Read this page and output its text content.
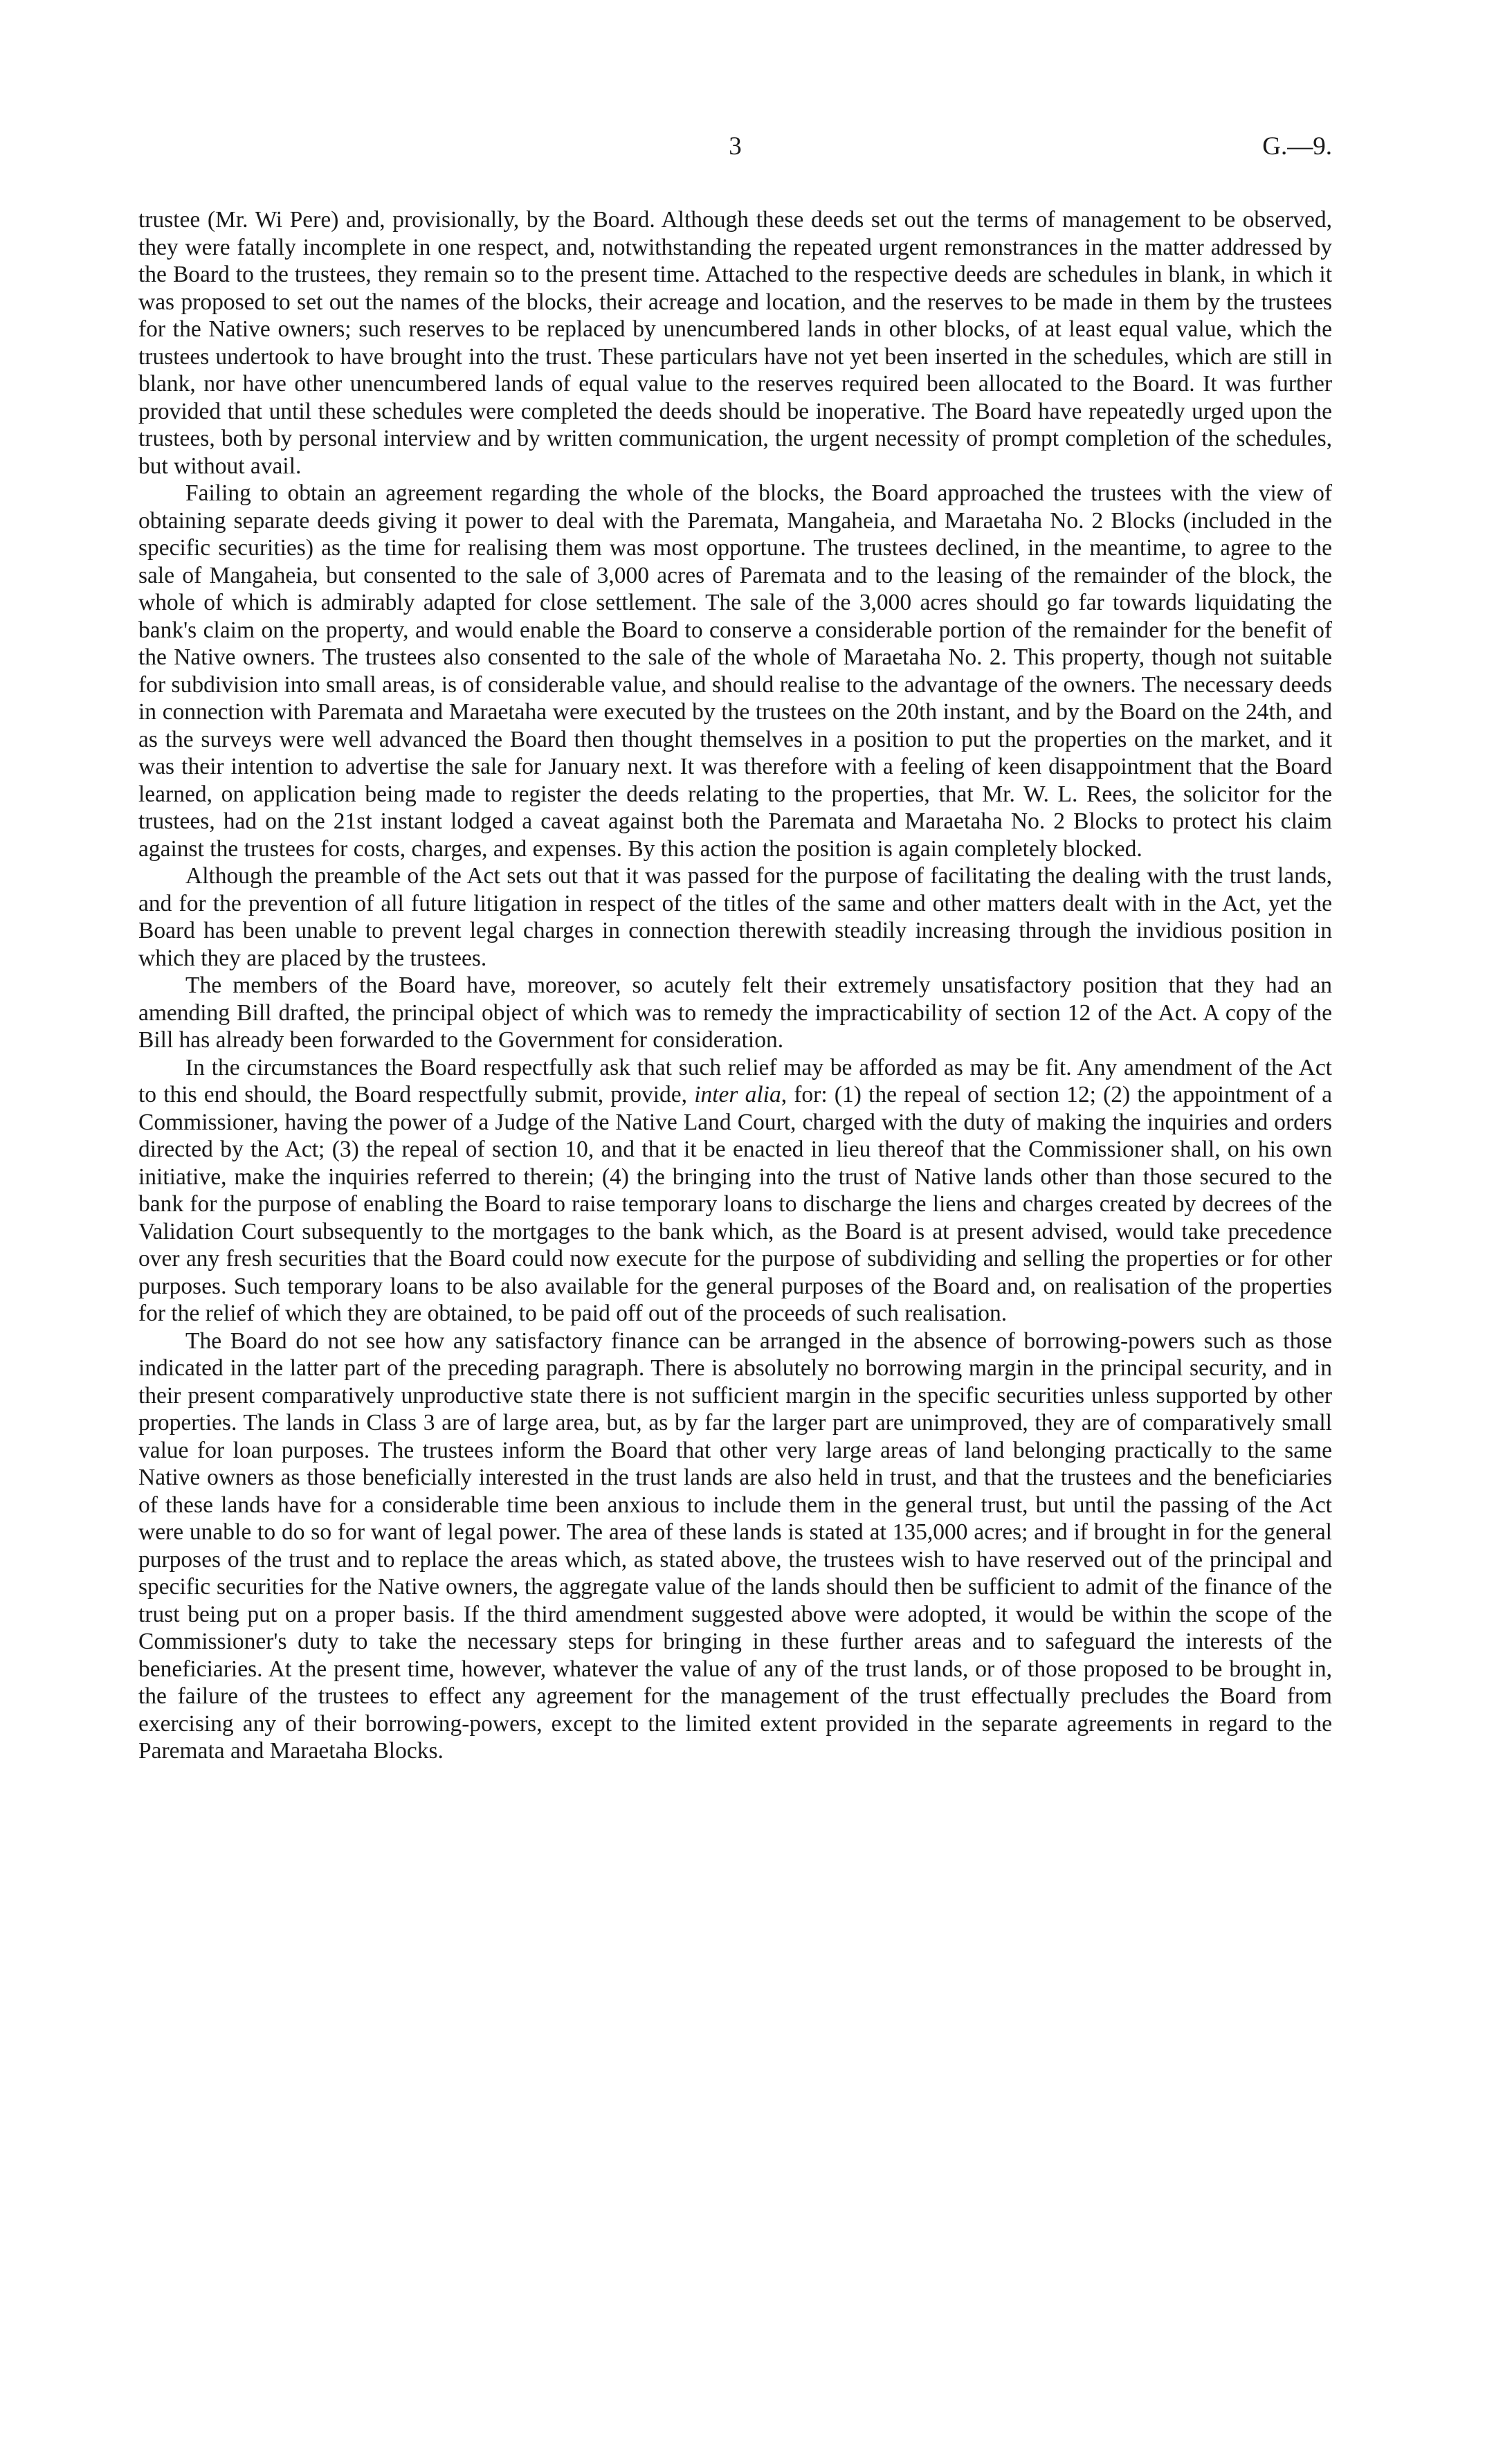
3	G.—9.

trustee (Mr. Wi Pere) and, provisionally, by the Board. Although these deeds set out the terms of management to be observed, they were fatally incomplete in one respect, and, notwithstanding the repeated urgent remonstrances in the matter addressed by the Board to the trustees, they remain so to the present time. Attached to the respective deeds are schedules in blank, in which it was proposed to set out the names of the blocks, their acreage and location, and the reserves to be made in them by the trustees for the Native owners; such reserves to be replaced by unencumbered lands in other blocks, of at least equal value, which the trustees undertook to have brought into the trust. These particulars have not yet been inserted in the schedules, which are still in blank, nor have other unencumbered lands of equal value to the reserves required been allocated to the Board. It was further provided that until these schedules were completed the deeds should be inoperative. The Board have repeatedly urged upon the trustees, both by personal interview and by written communication, the urgent necessity of prompt completion of the schedules, but without avail.

Failing to obtain an agreement regarding the whole of the blocks, the Board approached the trustees with the view of obtaining separate deeds giving it power to deal with the Paremata, Mangaheia, and Maraetaha No. 2 Blocks (included in the specific securities) as the time for realising them was most opportune. The trustees declined, in the meantime, to agree to the sale of Mangaheia, but consented to the sale of 3,000 acres of Paremata and to the leasing of the remainder of the block, the whole of which is admirably adapted for close settlement. The sale of the 3,000 acres should go far towards liquidating the bank's claim on the property, and would enable the Board to conserve a considerable portion of the remainder for the benefit of the Native owners. The trustees also consented to the sale of the whole of Maraetaha No. 2. This property, though not suitable for subdivision into small areas, is of considerable value, and should realise to the advantage of the owners. The necessary deeds in connection with Paremata and Maraetaha were executed by the trustees on the 20th instant, and by the Board on the 24th, and as the surveys were well advanced the Board then thought themselves in a position to put the properties on the market, and it was their intention to advertise the sale for January next. It was therefore with a feeling of keen disappointment that the Board learned, on application being made to register the deeds relating to the properties, that Mr. W. L. Rees, the solicitor for the trustees, had on the 21st instant lodged a caveat against both the Paremata and Maraetaha No. 2 Blocks to protect his claim against the trustees for costs, charges, and expenses. By this action the position is again completely blocked.

Although the preamble of the Act sets out that it was passed for the purpose of facilitating the dealing with the trust lands, and for the prevention of all future litigation in respect of the titles of the same and other matters dealt with in the Act, yet the Board has been unable to prevent legal charges in connection therewith steadily increasing through the invidious position in which they are placed by the trustees.

The members of the Board have, moreover, so acutely felt their extremely unsatisfactory position that they had an amending Bill drafted, the principal object of which was to remedy the impracticability of section 12 of the Act. A copy of the Bill has already been forwarded to the Government for consideration.

In the circumstances the Board respectfully ask that such relief may be afforded as may be fit. Any amendment of the Act to this end should, the Board respectfully submit, provide, inter alia, for: (1) the repeal of section 12; (2) the appointment of a Commissioner, having the power of a Judge of the Native Land Court, charged with the duty of making the inquiries and orders directed by the Act; (3) the repeal of section 10, and that it be enacted in lieu thereof that the Commissioner shall, on his own initiative, make the inquiries referred to therein; (4) the bringing into the trust of Native lands other than those secured to the bank for the purpose of enabling the Board to raise temporary loans to discharge the liens and charges created by decrees of the Validation Court subsequently to the mortgages to the bank which, as the Board is at present advised, would take precedence over any fresh securities that the Board could now execute for the purpose of subdividing and selling the properties or for other purposes. Such temporary loans to be also available for the general purposes of the Board and, on realisation of the properties for the relief of which they are obtained, to be paid off out of the proceeds of such realisation.

The Board do not see how any satisfactory finance can be arranged in the absence of borrowing-powers such as those indicated in the latter part of the preceding paragraph. There is absolutely no borrowing margin in the principal security, and in their present comparatively unproductive state there is not sufficient margin in the specific securities unless supported by other properties. The lands in Class 3 are of large area, but, as by far the larger part are unimproved, they are of comparatively small value for loan purposes. The trustees inform the Board that other very large areas of land belonging practically to the same Native owners as those beneficially interested in the trust lands are also held in trust, and that the trustees and the beneficiaries of these lands have for a considerable time been anxious to include them in the general trust, but until the passing of the Act were unable to do so for want of legal power. The area of these lands is stated at 135,000 acres; and if brought in for the general purposes of the trust and to replace the areas which, as stated above, the trustees wish to have reserved out of the principal and specific securities for the Native owners, the aggregate value of the lands should then be sufficient to admit of the finance of the trust being put on a proper basis. If the third amendment suggested above were adopted, it would be within the scope of the Commissioner's duty to take the necessary steps for bringing in these further areas and to safeguard the interests of the beneficiaries. At the present time, however, whatever the value of any of the trust lands, or of those proposed to be brought in, the failure of the trustees to effect any agreement for the management of the trust effectually precludes the Board from exercising any of their borrowing-powers, except to the limited extent provided in the separate agreements in regard to the Paremata and Maraetaha Blocks.
